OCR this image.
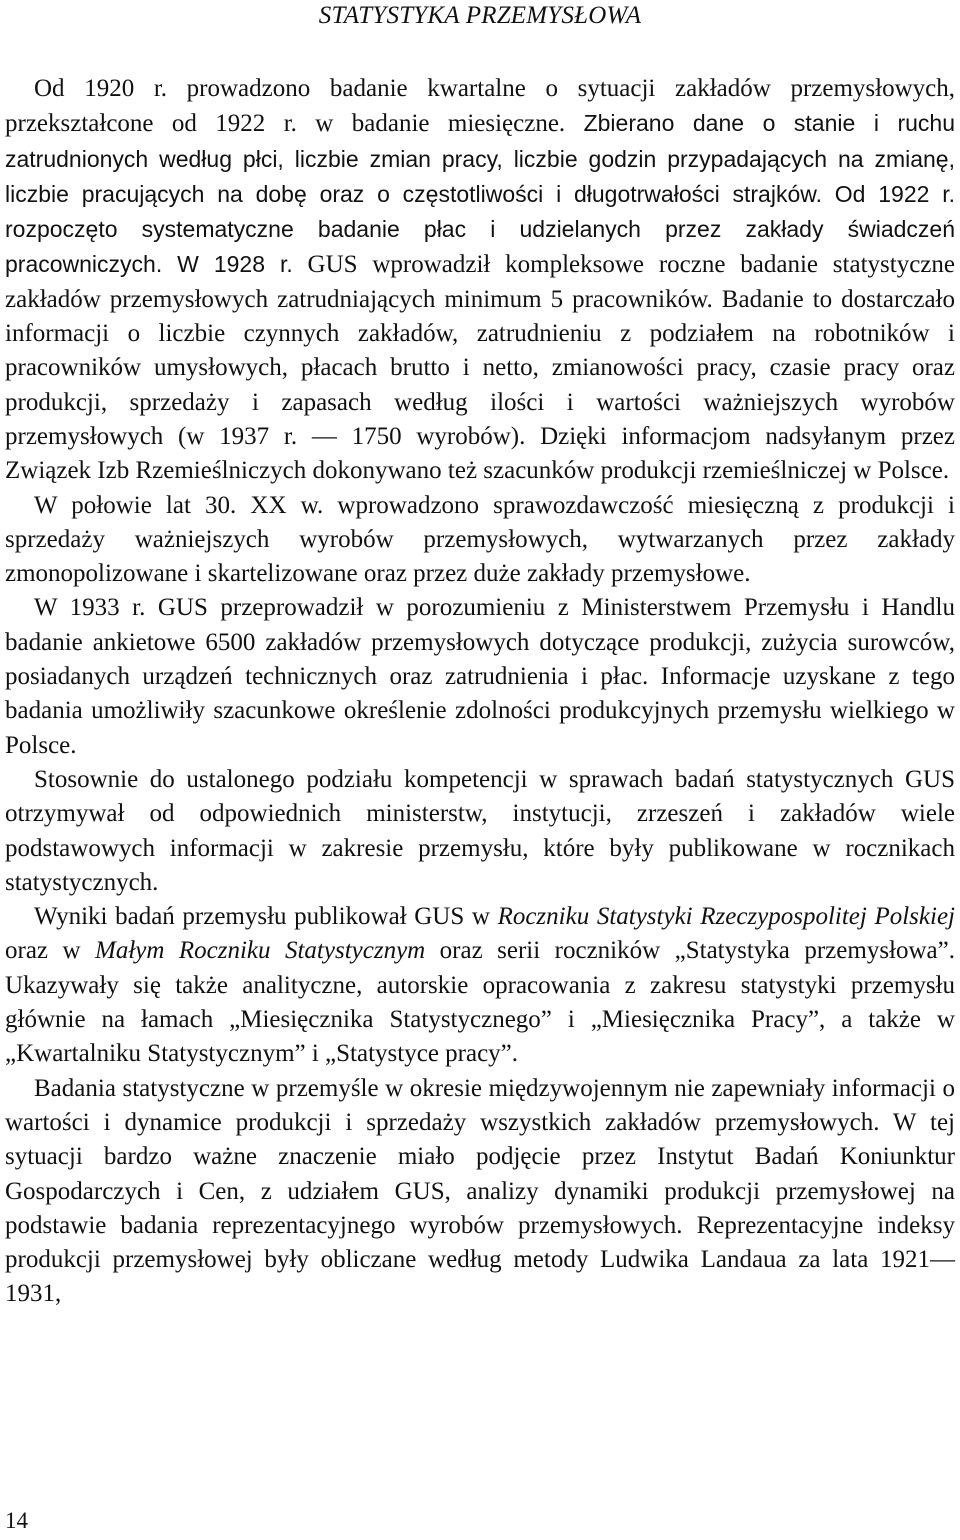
STATYSTYKA PRZEMYSŁOWA

Od 1920 r. prowadzono badanie kwartalne o sytuacji zakładów przemysłowych, przekształcone od 1922 r. w badanie miesięczne. Zbierano dane o stanie i ruchu zatrudnionych według płci, liczbie zmian pracy, liczbie godzin przypadających na zmianę, liczbie pracujących na dobę oraz o częstotliwości i długotrwałości strajków. Od 1922 r. rozpoczęto systematyczne badanie płac i udzielanych przez zakłady świadczeń pracowniczych. W 1928 r. GUS wprowadził kompleksowe roczne badanie statystyczne zakładów przemysłowych zatrudniających minimum 5 pracowników. Badanie to dostarczało informacji o liczbie czynnych zakładów, zatrudnieniu z podziałem na robotników i pracowników umysłowych, płacach brutto i netto, zmianowości pracy, czasie pracy oraz produkcji, sprzedaży i zapasach według ilości i wartości ważniejszych wyrobów przemysłowych (w 1937 r. — 1750 wyrobów). Dzięki informacjom nadsyłanym przez Związek Izb Rzemieślniczych dokonywano też szacunków produkcji rzemieślniczej w Polsce.

W połowie lat 30. XX w. wprowadzono sprawozdawczość miesięczną z produkcji i sprzedaży ważniejszych wyrobów przemysłowych, wytwarzanych przez zakłady zmonopolizowane i skartelizowane oraz przez duże zakłady przemysłowe.

W 1933 r. GUS przeprowadził w porozumieniu z Ministerstwem Przemysłu i Handlu badanie ankietowe 6500 zakładów przemysłowych dotyczące produkcji, zużycia surowców, posiadanych urządzeń technicznych oraz zatrudnienia i płac. Informacje uzyskane z tego badania umożliwiły szacunkowe określenie zdolności produkcyjnych przemysłu wielkiego w Polsce.

Stosownie do ustalonego podziału kompetencji w sprawach badań statystycznych GUS otrzymywał od odpowiednich ministerstw, instytucji, zrzeszeń i zakładów wiele podstawowych informacji w zakresie przemysłu, które były publikowane w rocznikach statystycznych.

Wyniki badań przemysłu publikował GUS w Roczniku Statystyki Rzeczypospolitej Polskiej oraz w Małym Roczniku Statystycznym oraz serii roczników „Statystyka przemysłowa”. Ukazywały się także analityczne, autorskie opracowania z zakresu statystyki przemysłu głównie na łamach „Miesięcznika Statystycznego” i „Miesięcznika Pracy”, a także w „Kwartalniku Statystycznym” i „Statystyce pracy”.

Badania statystyczne w przemyśle w okresie międzywojennym nie zapewniały informacji o wartości i dynamice produkcji i sprzedaży wszystkich zakładów przemysłowych. W tej sytuacji bardzo ważne znaczenie miało podjęcie przez Instytut Badań Koniunktur Gospodarczych i Cen, z udziałem GUS, analizy dynamiki produkcji przemysłowej na podstawie badania reprezentacyjnego wyrobów przemysłowych. Reprezentacyjne indeksy produkcji przemysłowej były obliczane według metody Ludwika Landaua za lata 1921—1931,

14
